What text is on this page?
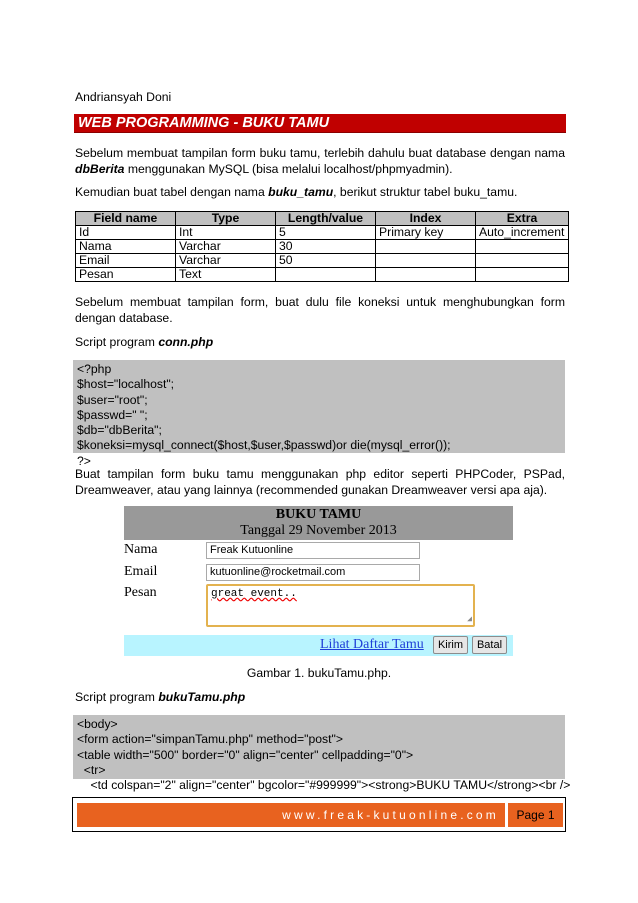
Andriansyah Doni
WEB PROGRAMMING - BUKU TAMU
Sebelum membuat tampilan form buku tamu, terlebih dahulu buat database dengan nama dbBerita menggunakan MySQL (bisa melalui localhost/phpmyadmin).
Kemudian buat tabel dengan nama buku_tamu, berikut struktur tabel buku_tamu.
Field name	Type	Length/value	Index	Extra
Id	Int	5	Primary key	Auto_increment
Nama	Varchar	30		
Email	Varchar	50		
Pesan	Text			
Sebelum membuat tampilan form, buat dulu file koneksi untuk menghubungkan form dengan database.
Script program conn.php
<?php
$host="localhost";
$user="root";
$passwd=" ";
$db="dbBerita";
$koneksi=mysql_connect($host,$user,$passwd)or die(mysql_error());
?>
Buat tampilan form buku tamu menggunakan php editor seperti PHPCoder, PSPad, Dreamweaver, atau yang lainnya (recommended gunakan Dreamweaver versi apa aja).
BUKU TAMU
Tanggal 29 November 2013
Nama	Freak Kutuonline
Email	kutuonline@rocketmail.com
Pesan	great event..
◢
Lihat Daftar Tamu	Kirim	Batal
Gambar 1. bukuTamu.php.
Script program bukuTamu.php
<body>
<form action="simpanTamu.php" method="post">
<table width="500" border="0" align="center" cellpadding="0">
<tr>
<td colspan="2" align="center" bgcolor="#999999"><strong>BUKU TAMU</strong><br />
www.freak-kutuonline.com	Page 1
